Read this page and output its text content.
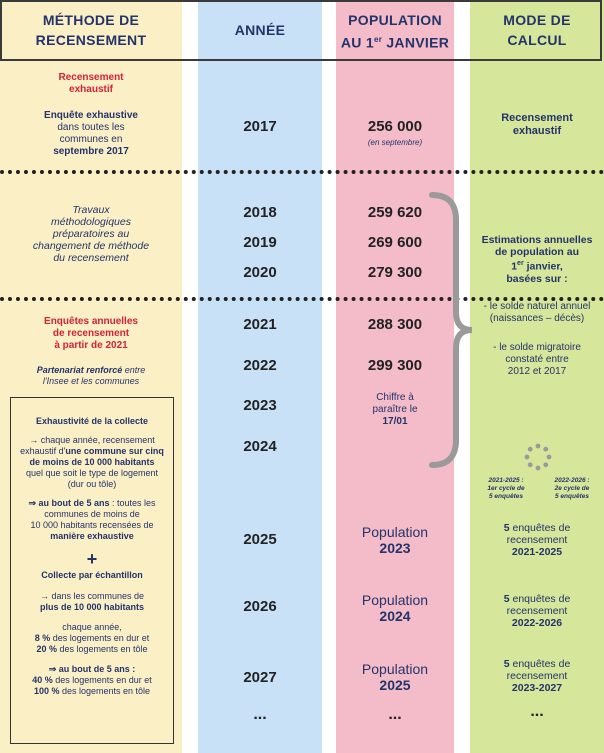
MÉTHODE DE
RECENSEMENT
ANNÉE
POPULATION
AU 1er JANVIER
MODE DE
CALCUL
Recensement
exhaustif
Enquête exhaustive
dans toutes les
communes en
septembre 2017
Travaux
méthodologiques
préparatoires au
changement de méthode
du recensement
Enquêtes annuelles
de recensement
à partir de 2021
Partenariat renforcé entre
l'Insee et les communes
Exhaustivité de la collecte
→ chaque année, recensement
exhaustif d'une commune sur cinq
de moins de 10 000 habitants
quel que soit le type de logement
(dur ou tôle)
⇒ au bout de 5 ans : toutes les
communes de moins de
10 000 habitants recensées de
manière exhaustive
+
Collecte par échantillon
→ dans les communes de
plus de 10 000 habitants
chaque année,
8 % des logements en dur et
20 % des logements en tôle
⇒ au bout de 5 ans :
40 % des logements en dur et
100 % des logements en tôle
2017
2018
2019
2020
2021
2022
2023
2024
2025
2026
2027
...
256 000
(en septembre)
259 620
269 600
279 300
288 300
299 300
Chiffre à
paraître le
17/01
Population
2023
Population
2024
Population
2025
...
Recensement
exhaustif
Estimations annuelles
de population au
1er janvier,
basées sur :
- le solde naturel annuel
(naissances – décès)
- le solde migratoire
constaté entre
2012 et 2017
2021-2025 :
1er cycle de
5 enquêtes
2022-2026 :
2e cycle de
5 enquêtes
5 enquêtes de
recensement
2021-2025
5 enquêtes de
recensement
2022-2026
5 enquêtes de
recensement
2023-2027
...
